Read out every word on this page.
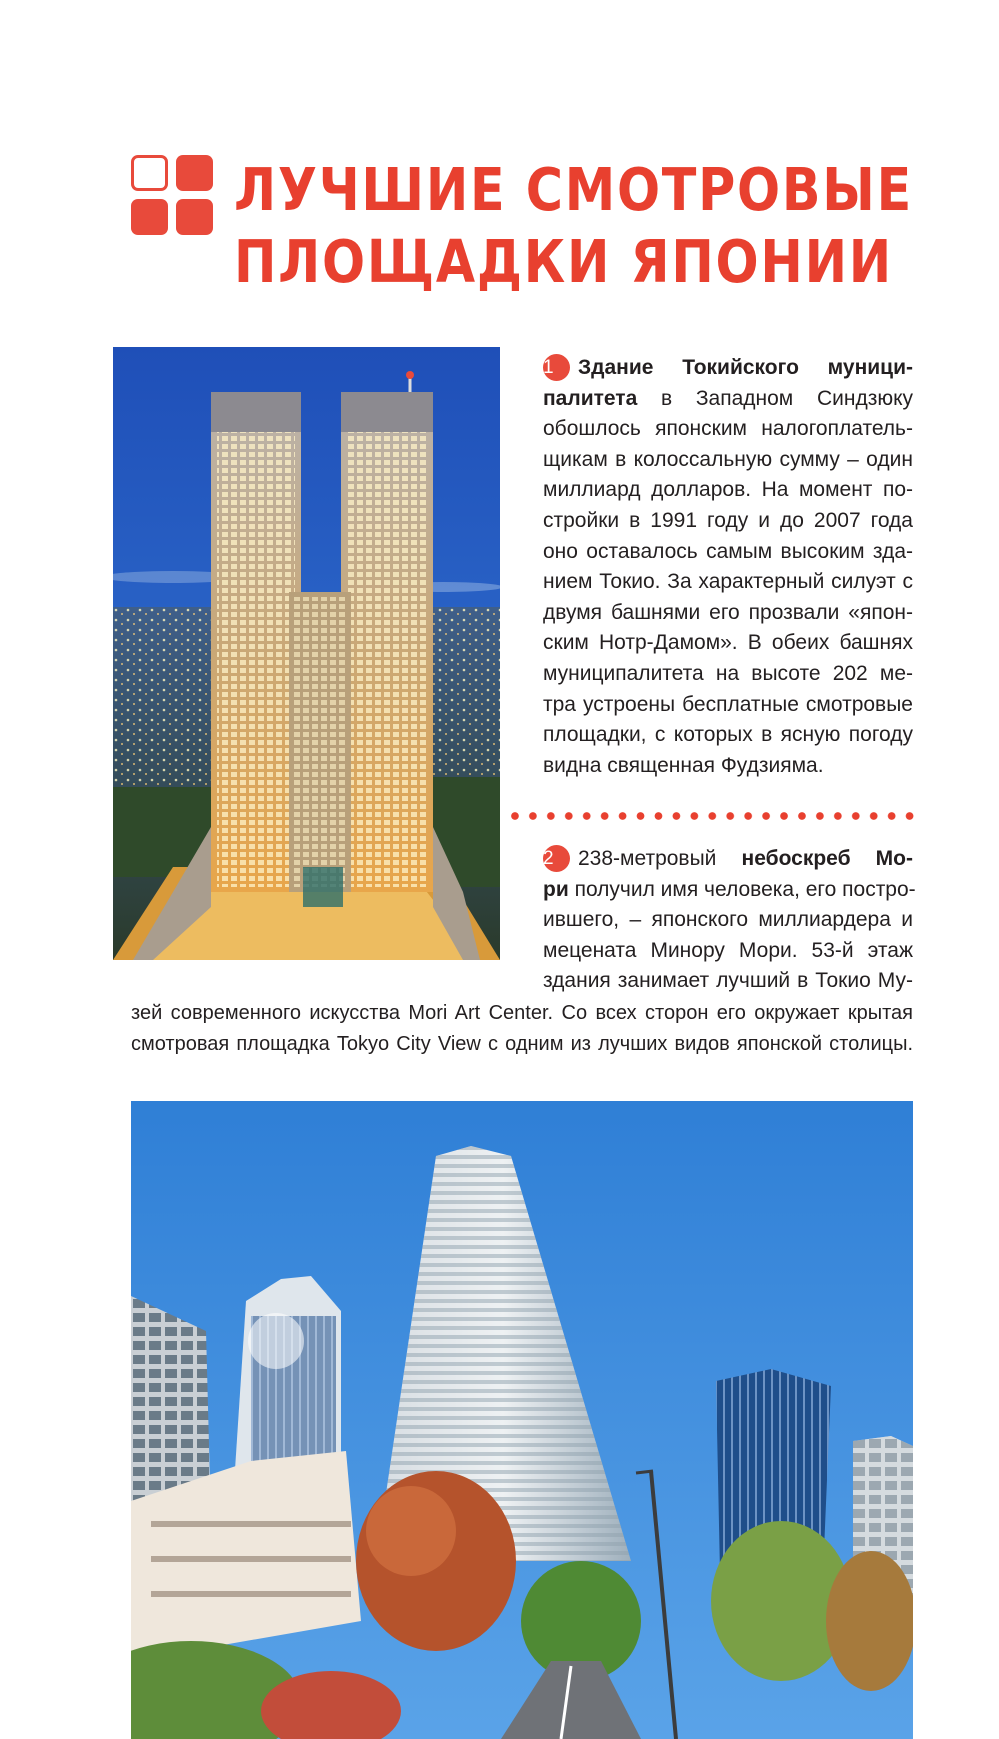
ЛУЧШИЕ СМОТРОВЫЕ
ПЛОЩАДКИ ЯПОНИИ
1 Здание Токийского муници-
палитета в Западном Синдзюку
обошлось японским налогоплатель-
щикам в колоссальную сумму – один
миллиард долларов. На момент по-
стройки в 1991 году и до 2007 года
оно оставалось самым высоким зда-
нием Токио. За характерный силуэт с
двумя башнями его прозвали «япон-
ским Нотр-Дамом». В обеих башнях
муниципалитета на высоте 202 ме-
тра устроены бесплатные смотровые
площадки, с которых в ясную погоду
видна священная Фудзияма.
2 238-метровый небоскреб Мо-
ри получил имя человека, его постро-
ившего, – японского миллиардера и
мецената Минору Мори. 53-й этаж
здания занимает лучший в Токио Му-
зей современного искусства Mori Art Center. Со всех сторон его окружает крытая
смотровая площадка Tokyo City View с одним из лучших видов японской столицы.
